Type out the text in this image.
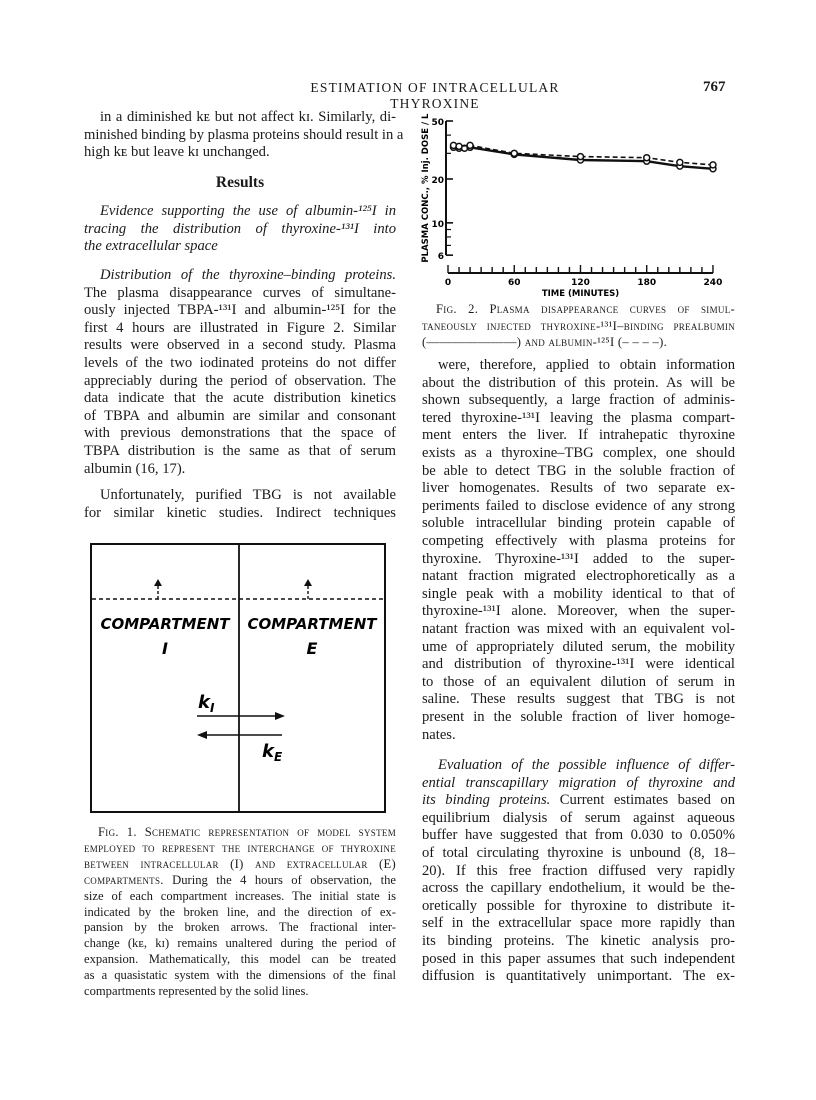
ESTIMATION OF INTRACELLULAR THYROXINE
767
COMPARTMENT
I
COMPARTMENT
E
$k_I$
$k_E$
50
20
10
6
PLASMA CONC., % Inj. DOSE / L
0	60	120	180	240
TIME (MINUTES)
in a diminished kᴇ but not affect kɪ. Similarly, di-
minished binding by plasma proteins should result in a
high kᴇ but leave kɪ unchanged.
Results
Evidence supporting the use of albumin-¹²⁵I in
tracing the distribution of thyroxine-¹³¹I into
the extracellular space
Distribution of the thyroxine–binding proteins.
The plasma disappearance curves of simultane-
ously injected TBPA-¹³¹I and albumin-¹²⁵I for the
first 4 hours are illustrated in Figure 2. Similar
results were observed in a second study. Plasma
levels of the two iodinated proteins do not differ
appreciably during the period of observation. The
data indicate that the acute distribution kinetics
of TBPA and albumin are similar and consonant
with previous demonstrations that the space of
TBPA distribution is the same as that of serum
albumin (16, 17).
Unfortunately, purified TBG is not available
for similar kinetic studies. Indirect techniques
were, therefore, applied to obtain information
about the distribution of this protein. As will be
shown subsequently, a large fraction of adminis-
tered thyroxine-¹³¹I leaving the plasma compart-
ment enters the liver. If intrahepatic thyroxine
exists as a thyroxine–TBG complex, one should
be able to detect TBG in the soluble fraction of
liver homogenates. Results of two separate ex-
periments failed to disclose evidence of any strong
soluble intracellular binding protein capable of
competing effectively with plasma proteins for
thyroxine. Thyroxine-¹³¹I added to the super-
natant fraction migrated electrophoretically as a
single peak with a mobility identical to that of
thyroxine-¹³¹I alone. Moreover, when the super-
natant fraction was mixed with an equivalent vol-
ume of appropriately diluted serum, the mobility
and distribution of thyroxine-¹³¹I were identical
to those of an equivalent dilution of serum in
saline. These results suggest that TBG is not
present in the soluble fraction of liver homoge-
nates.
Evaluation of the possible influence of differ-
ential transcapillary migration of thyroxine and
its binding proteins. Current estimates based on
equilibrium dialysis of serum against aqueous
buffer have suggested that from 0.030 to 0.050%
of total circulating thyroxine is unbound (8, 18–
20). If this free fraction diffused very rapidly
across the capillary endothelium, it would be the-
oretically possible for thyroxine to distribute it-
self in the extracellular space more rapidly than
its binding proteins. The kinetic analysis pro-
posed in this paper assumes that such independent
diffusion is quantitatively unimportant. The ex-
Fig. 1. Schematic representation of model system
employed to represent the interchange of thyroxine
between intracellular (I) and extracellular (E)
compartments. During the 4 hours of observation, the
size of each compartment increases. The initial state is
indicated by the broken line, and the direction of ex-
pansion by the broken arrows. The fractional inter-
change (kᴇ, kɪ) remains unaltered during the period of
expansion. Mathematically, this model can be treated
as a quasistatic system with the dimensions of the final
compartments represented by the solid lines.
Fig. 2. Plasma disappearance curves of simul-
taneously injected thyroxine-¹³¹I–binding prealbumin
(———————) and albumin-¹²⁵I (– – – –).
